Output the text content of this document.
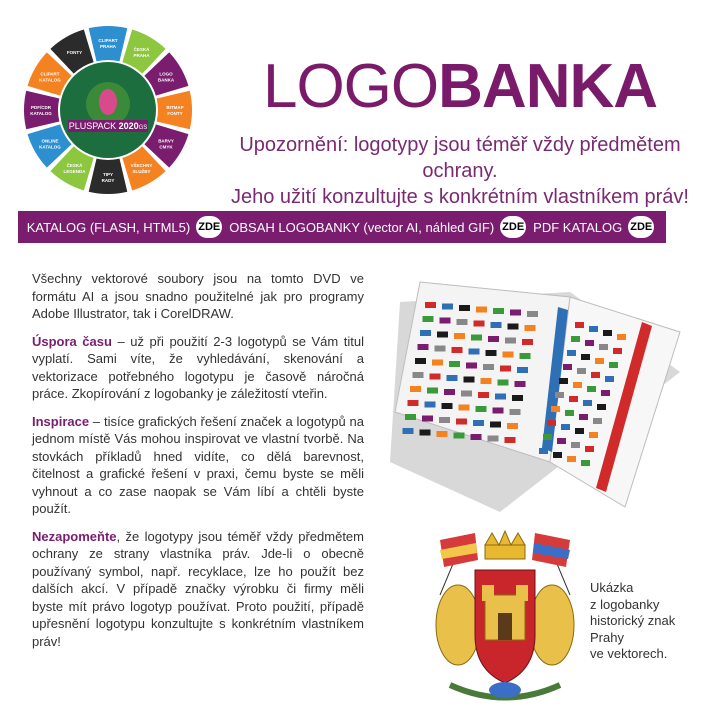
CLIPART
PRAHA
ČESKÁ
PRAHA
LOGO
BANKA
BITMAP
FONTY
BARVY
CMYK
VŠECHNY
SLUŽBY
TIPY
RADY
ČESKÁ
LEGENDA
ONLINE
KATALOG
PDF/CDR
KATALOG
CLIPART
KATALOG
FONTY
PLUSPACK 2020GS
LOGOBANKA
Upozornění: logotypy jsou téměř vždy předmětem ochrany.
Jeho užití konzultujte s konkrétním vlastníkem práv!
KATALOG (FLASH, HTML5) ZDE OBSAH LOGOBANKY (vector AI, náhled GIF) ZDE PDF KATALOG ZDE

Všechny vektorové soubory jsou na tomto DVD ve formátu AI a jsou snadno použitelné jak pro programy Adobe Illustrator, tak i CorelDRAW.

Úspora času – už při použití 2-3 logotypů se Vám titul vyplatí. Sami víte, že vyhledávání, skenování a vektorizace potřebného logotypu je časově náročná práce. Zkopírování z logobanky je záležitostí vteřin.

Inspirace – tisíce grafických řešení značek a logotypů na jednom místě Vás mohou inspirovat ve vlastní tvorbě. Na stovkách příkladů hned vidíte, co dělá barevnost, čitelnost a grafické řešení v praxi, čemu byste se měli vyhnout a co zase naopak se Vám líbí a chtěli byste použít.

Nezapomeňte, že logotypy jsou téměř vždy předmětem ochrany ze strany vlastníka práv. Jde-li o obecně používaný symbol, např. recyklace, lze ho použít bez dalších akcí. V případě značky výrobku či firmy měli byste mít právo logotyp používat. Proto použití, případě upřesnění logotypu konzultujte s konkrétním vlastníkem práv!

Ukázka
z logobanky
historický znak
Prahy
ve vektorech.
